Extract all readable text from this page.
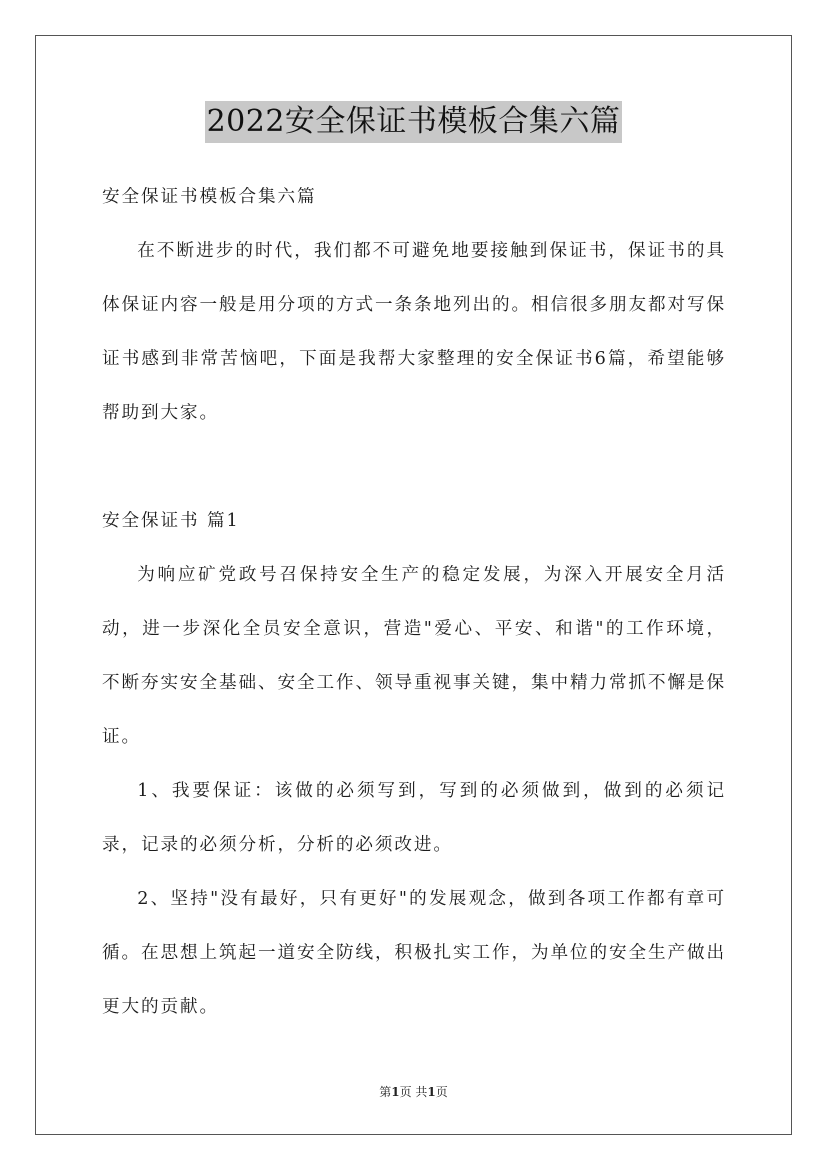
2022安全保证书模板合集六篇

安全保证书模板合集六篇

在不断进步的时代，我们都不可避免地要接触到保证书，保证书的具体保证内容一般是用分项的方式一条条地列出的。相信很多朋友都对写保证书感到非常苦恼吧，下面是我帮大家整理的安全保证书6篇，希望能够帮助到大家。

安全保证书 篇1

为响应矿党政号召保持安全生产的稳定发展，为深入开展安全月活动，进一步深化全员安全意识，营造"爱心、平安、和谐"的工作环境，不断夯实安全基础、安全工作、领导重视事关键，集中精力常抓不懈是保证。

1、我要保证：该做的必须写到，写到的必须做到，做到的必须记录，记录的必须分析，分析的必须改进。

2、坚持"没有最好，只有更好"的发展观念，做到各项工作都有章可循。在思想上筑起一道安全防线，积极扎实工作，为单位的安全生产做出更大的贡献。

第1页 共1页
